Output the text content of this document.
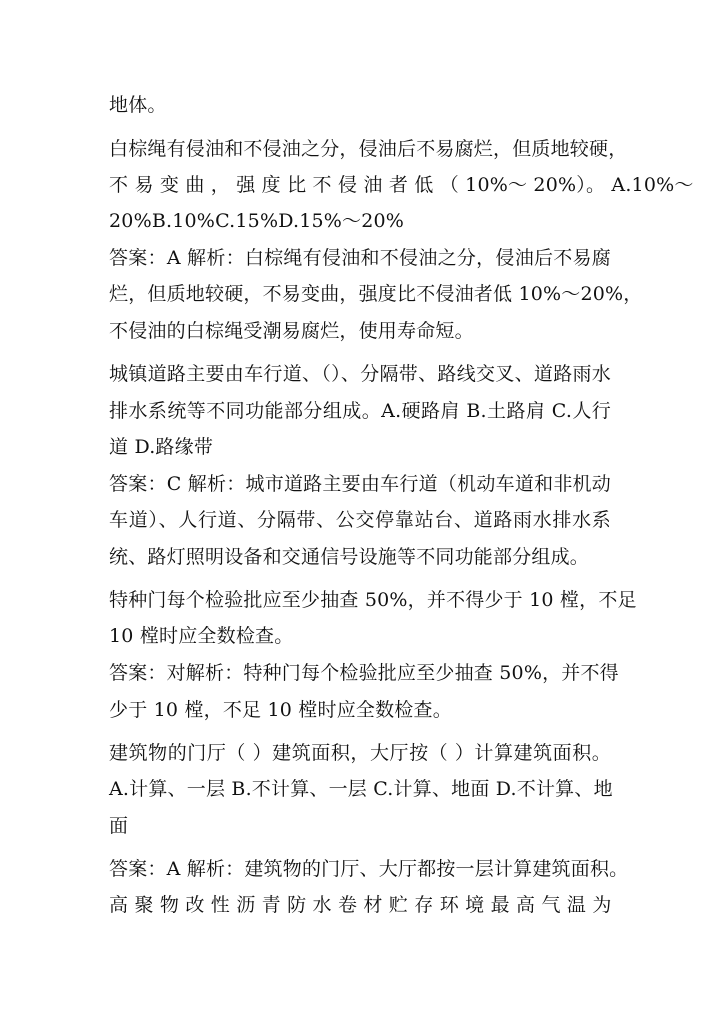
地体。
白棕绳有侵油和不侵油之分，侵油后不易腐烂，但质地较硬，
不 易 变 曲 ， 强 度 比 不 侵 油 者 低 （ 10%～ 20%）。 A.10%～
20%B.10%C.15%D.15%～20%
答案：A 解析：白棕绳有侵油和不侵油之分，侵油后不易腐
烂，但质地较硬，不易变曲，强度比不侵油者低 10%～20%，
不侵油的白棕绳受潮易腐烂，使用寿命短。
城镇道路主要由车行道、（）、分隔带、路线交叉、道路雨水
排水系统等不同功能部分组成。A.硬路肩 B.土路肩 C.人行
道 D.路缘带
答案：C 解析：城市道路主要由车行道（机动车道和非机动
车道）、人行道、分隔带、公交停靠站台、道路雨水排水系
统、路灯照明设备和交通信号设施等不同功能部分组成。
特种门每个检验批应至少抽查 50%，并不得少于 10 樘，不足
10 樘时应全数检查。
答案：对解析：特种门每个检验批应至少抽查 50%，并不得
少于 10 樘，不足 10 樘时应全数检查。
建筑物的门厅（ ）建筑面积，大厅按（ ）计算建筑面积。
A.计算、一层 B.不计算、一层 C.计算、地面 D.不计算、地
面
答案：A 解析：建筑物的门厅、大厅都按一层计算建筑面积。
高 聚 物 改 性 沥 青 防 水 卷 材 贮 存 环 境 最 高 气 温 为
